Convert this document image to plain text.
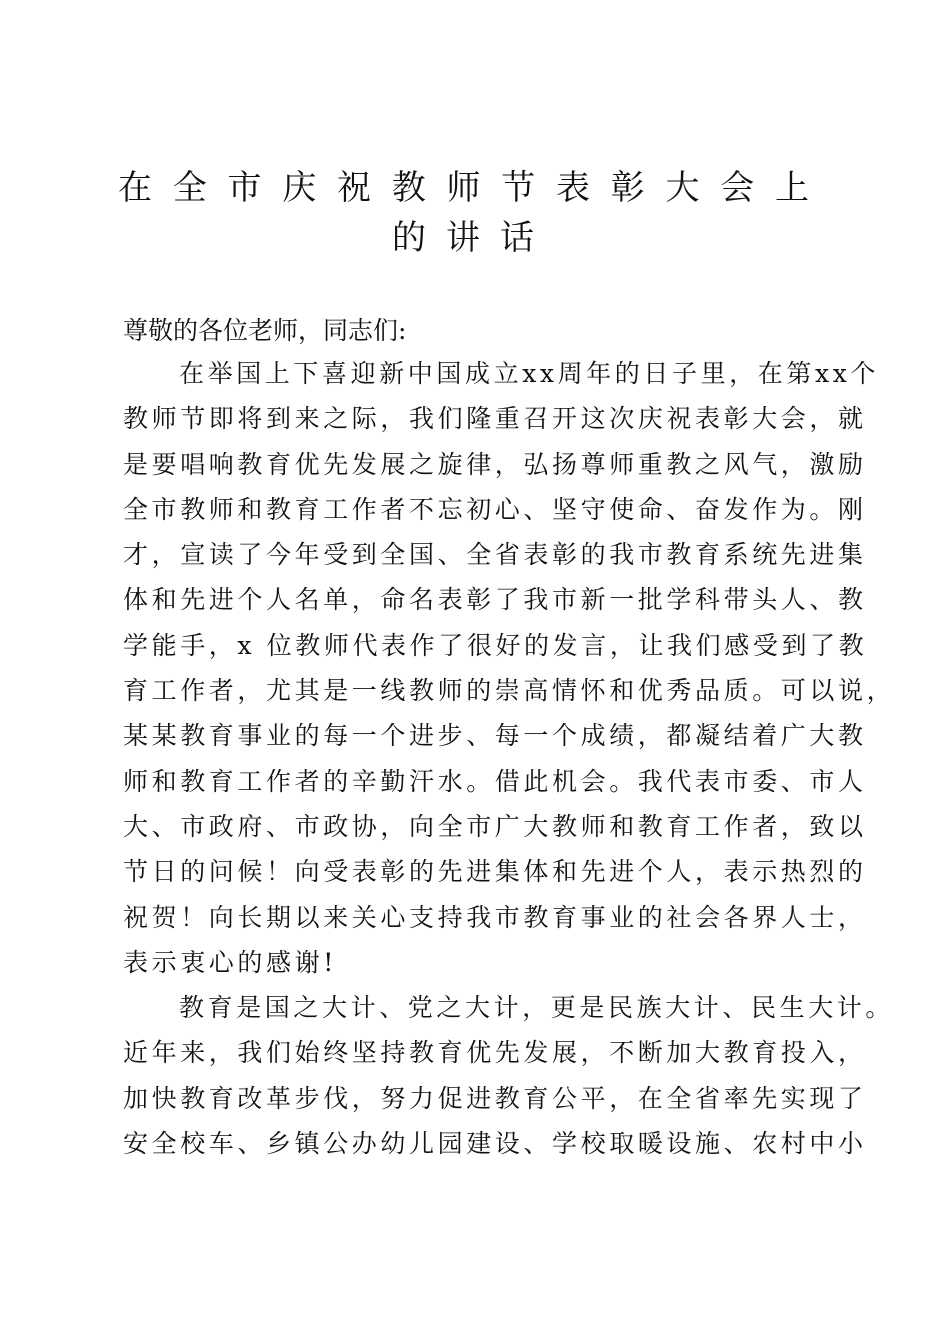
在全市庆祝教师节表彰大会上
的讲话
尊敬的各位老师，同志们:
在举国上下喜迎新中国成立xx周年的日子里，在第xx个
教师节即将到来之际，我们隆重召开这次庆祝表彰大会，就
是要唱响教育优先发展之旋律，弘扬尊师重教之风气，激励
全市教师和教育工作者不忘初心、坚守使命、奋发作为。刚
才，宣读了今年受到全国、全省表彰的我市教育系统先进集
体和先进个人名单，命名表彰了我市新一批学科带头人、教
学能手，x 位教师代表作了很好的发言，让我们感受到了教
育工作者，尤其是一线教师的崇高情怀和优秀品质。可以说，
某某教育事业的每一个进步、每一个成绩，都凝结着广大教
师和教育工作者的辛勤汗水。借此机会。我代表市委、市人
大、市政府、市政协，向全市广大教师和教育工作者，致以
节日的问候！向受表彰的先进集体和先进个人，表示热烈的
祝贺！向长期以来关心支持我市教育事业的社会各界人士，
表示衷心的感谢!
教育是国之大计、党之大计，更是民族大计、民生大计。
近年来，我们始终坚持教育优先发展，不断加大教育投入，
加快教育改革步伐，努力促进教育公平，在全省率先实现了
安全校车、乡镇公办幼儿园建设、学校取暖设施、农村中小
